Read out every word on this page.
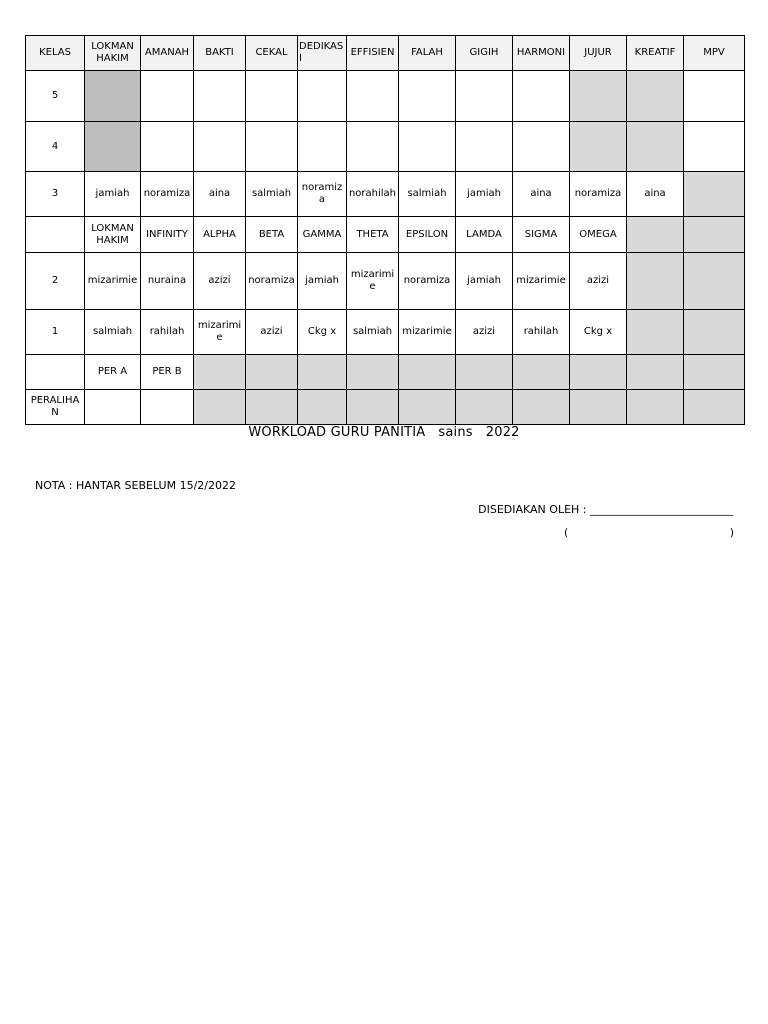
KELAS	LOKMAN HAKIM	AMANAH	BAKTI	CEKAL	DEDIKASI	EFFISIEN	FALAH	GIGIH	HARMONI	JUJUR	KREATIF	MPV
5												
4												
3	jamiah	noramiza	aina	salmiah	noramiza	norahilah	salmiah	jamiah	aina	noramiza	aina	
	LOKMAN HAKIM	INFINITY	ALPHA	BETA	GAMMA	THETA	EPSILON	LAMDA	SIGMA	OMEGA		
2	mizarimie	nuraina	azizi	noramiza	jamiah	mizarimie	noramiza	jamiah	mizarimie	azizi		
1	salmiah	rahilah	mizarimie	azizi	Ckg x	salmiah	mizarimie	azizi	rahilah	Ckg x		
	PER A	PER B										
PERALIHAN												
WORKLOAD GURU PANITIA sains 2022
NOTA : HANTAR SEBELUM 15/2/2022
DISEDIAKAN OLEH : __________________________
(	)
